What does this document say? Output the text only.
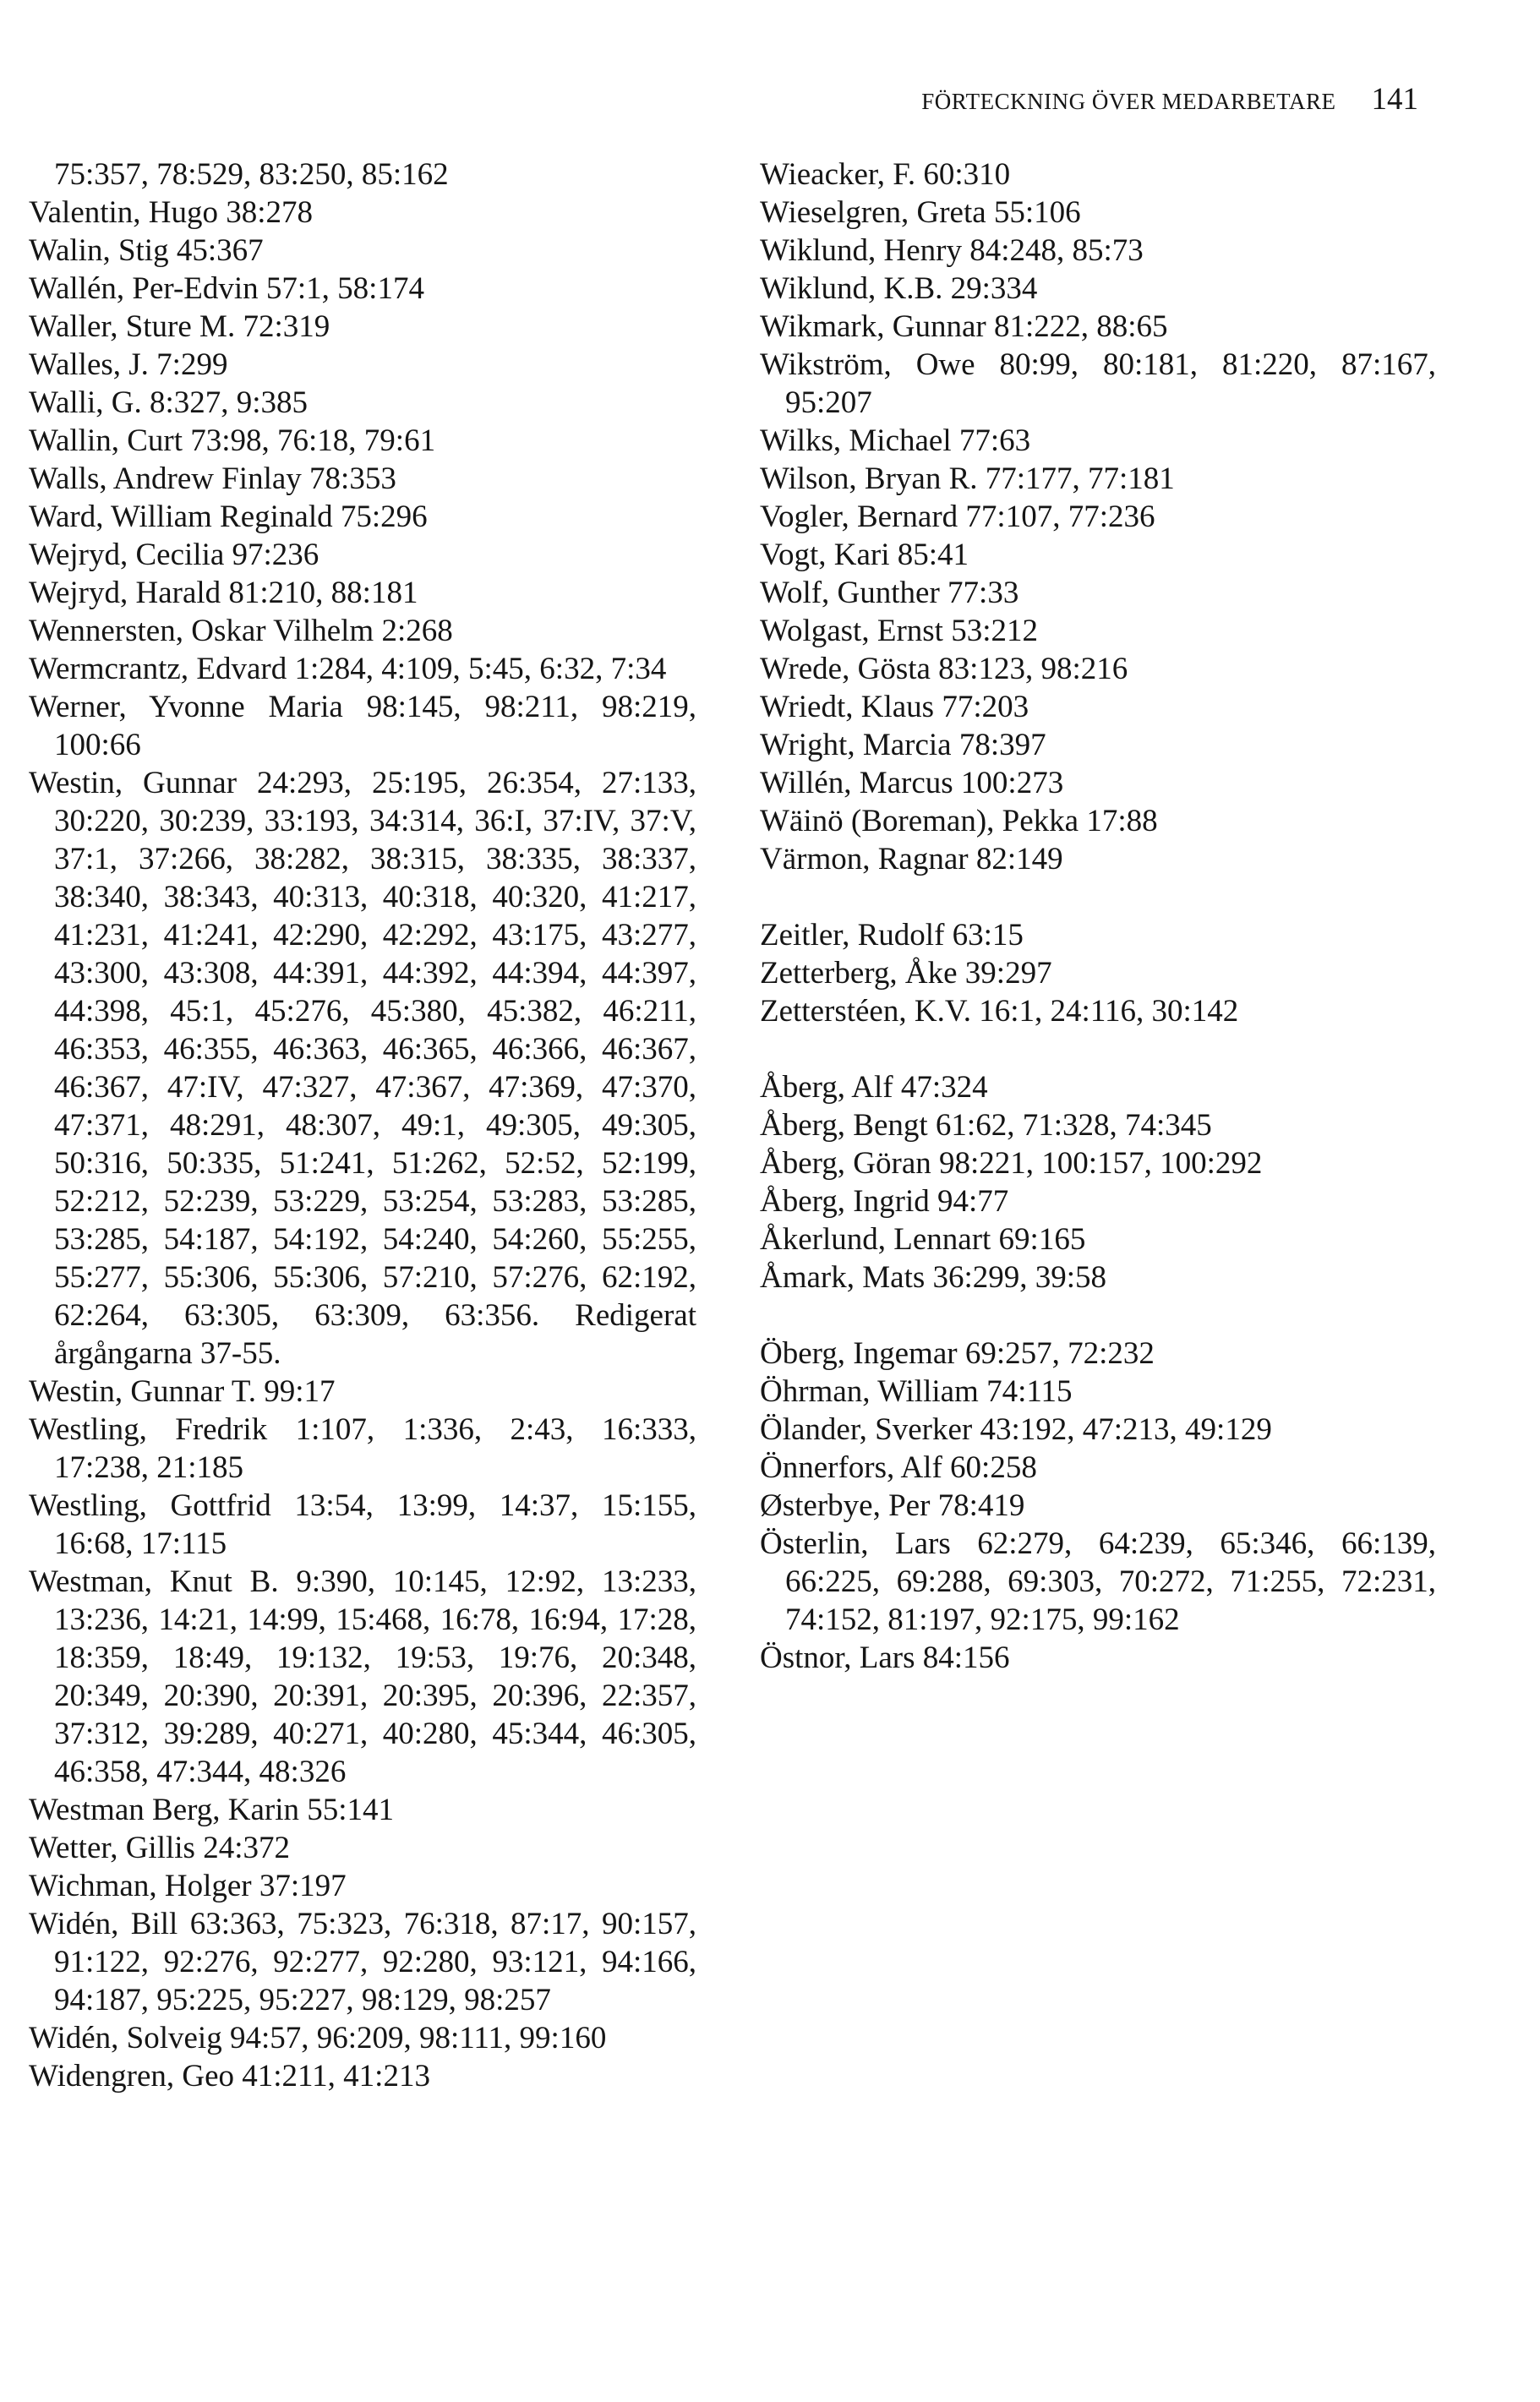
FÖRTECKNING ÖVER MEDARBETARE 141
75:357, 78:529, 83:250, 85:162
Valentin, Hugo 38:278
Walin, Stig 45:367
Wallén, Per-Edvin 57:1, 58:174
Waller, Sture M. 72:319
Walles, J. 7:299
Walli, G. 8:327, 9:385
Wallin, Curt 73:98, 76:18, 79:61
Walls, Andrew Finlay 78:353
Ward, William Reginald 75:296
Wejryd, Cecilia 97:236
Wejryd, Harald 81:210, 88:181
Wennersten, Oskar Vilhelm 2:268
Wermcrantz, Edvard 1:284, 4:109, 5:45, 6:32, 7:34
Werner, Yvonne Maria 98:145, 98:211, 98:219, 100:66
Westin, Gunnar 24:293, 25:195, 26:354, 27:133, 30:220, 30:239, 33:193, 34:314, 36:I, 37:IV, 37:V, 37:1, 37:266, 38:282, 38:315, 38:335, 38:337, 38:340, 38:343, 40:313, 40:318, 40:320, 41:217, 41:231, 41:241, 42:290, 42:292, 43:175, 43:277, 43:300, 43:308, 44:391, 44:392, 44:394, 44:397, 44:398, 45:1, 45:276, 45:380, 45:382, 46:211, 46:353, 46:355, 46:363, 46:365, 46:366, 46:367, 46:367, 47:IV, 47:327, 47:367, 47:369, 47:370, 47:371, 48:291, 48:307, 49:1, 49:305, 49:305, 50:316, 50:335, 51:241, 51:262, 52:52, 52:199, 52:212, 52:239, 53:229, 53:254, 53:283, 53:285, 53:285, 54:187, 54:192, 54:240, 54:260, 55:255, 55:277, 55:306, 55:306, 57:210, 57:276, 62:192, 62:264, 63:305, 63:309, 63:356. Redigerat årgångarna 37-55.
Westin, Gunnar T. 99:17
Westling, Fredrik 1:107, 1:336, 2:43, 16:333, 17:238, 21:185
Westling, Gottfrid 13:54, 13:99, 14:37, 15:155, 16:68, 17:115
Westman, Knut B. 9:390, 10:145, 12:92, 13:233, 13:236, 14:21, 14:99, 15:468, 16:78, 16:94, 17:28, 18:359, 18:49, 19:132, 19:53, 19:76, 20:348, 20:349, 20:390, 20:391, 20:395, 20:396, 22:357, 37:312, 39:289, 40:271, 40:280, 45:344, 46:305, 46:358, 47:344, 48:326
Westman Berg, Karin 55:141
Wetter, Gillis 24:372
Wichman, Holger 37:197
Widén, Bill 63:363, 75:323, 76:318, 87:17, 90:157, 91:122, 92:276, 92:277, 92:280, 93:121, 94:166, 94:187, 95:225, 95:227, 98:129, 98:257
Widén, Solveig 94:57, 96:209, 98:111, 99:160
Widengren, Geo 41:211, 41:213
Wieacker, F. 60:310
Wieselgren, Greta 55:106
Wiklund, Henry 84:248, 85:73
Wiklund, K.B. 29:334
Wikmark, Gunnar 81:222, 88:65
Wikström, Owe 80:99, 80:181, 81:220, 87:167, 95:207
Wilks, Michael 77:63
Wilson, Bryan R. 77:177, 77:181
Vogler, Bernard 77:107, 77:236
Vogt, Kari 85:41
Wolf, Gunther 77:33
Wolgast, Ernst 53:212
Wrede, Gösta 83:123, 98:216
Wriedt, Klaus 77:203
Wright, Marcia 78:397
Willén, Marcus 100:273
Wäinö (Boreman), Pekka 17:88
Värmon, Ragnar 82:149
Zeitler, Rudolf 63:15
Zetterberg, Åke 39:297
Zetterstéen, K.V. 16:1, 24:116, 30:142
Åberg, Alf 47:324
Åberg, Bengt 61:62, 71:328, 74:345
Åberg, Göran 98:221, 100:157, 100:292
Åberg, Ingrid 94:77
Åkerlund, Lennart 69:165
Åmark, Mats 36:299, 39:58
Öberg, Ingemar 69:257, 72:232
Öhrman, William 74:115
Ölander, Sverker 43:192, 47:213, 49:129
Önnerfors, Alf 60:258
Østerbye, Per 78:419
Österlin, Lars 62:279, 64:239, 65:346, 66:139, 66:225, 69:288, 69:303, 70:272, 71:255, 72:231, 74:152, 81:197, 92:175, 99:162
Östnor, Lars 84:156
